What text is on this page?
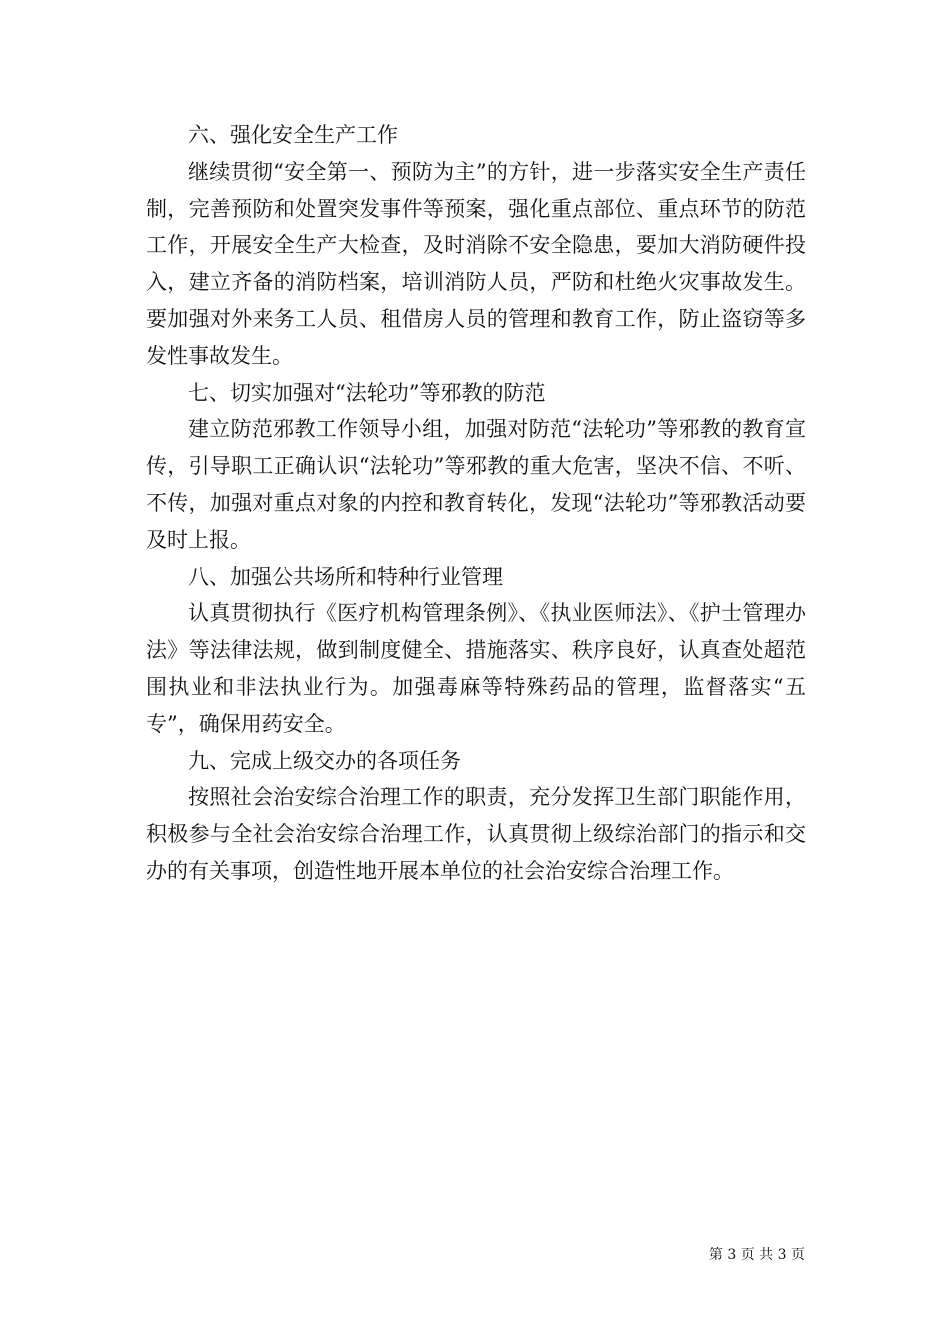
六、强化安全生产工作

继续贯彻“安全第一、预防为主”的方针，进一步落实安全生产责任制，完善预防和处置突发事件等预案，强化重点部位、重点环节的防范工作，开展安全生产大检查，及时消除不安全隐患，要加大消防硬件投入，建立齐备的消防档案，培训消防人员，严防和杜绝火灾事故发生。要加强对外来务工人员、租借房人员的管理和教育工作，防止盗窃等多发性事故发生。

七、切实加强对“法轮功”等邪教的防范

建立防范邪教工作领导小组，加强对防范“法轮功”等邪教的教育宣传，引导职工正确认识“法轮功”等邪教的重大危害，坚决不信、不听、不传，加强对重点对象的内控和教育转化，发现“法轮功”等邪教活动要及时上报。

八、加强公共场所和特种行业管理

认真贯彻执行《医疗机构管理条例》、《执业医师法》、《护士管理办法》等法律法规，做到制度健全、措施落实、秩序良好，认真查处超范围执业和非法执业行为。加强毒麻等特殊药品的管理，监督落实“五专”，确保用药安全。

九、完成上级交办的各项任务

按照社会治安综合治理工作的职责，充分发挥卫生部门职能作用，积极参与全社会治安综合治理工作，认真贯彻上级综治部门的指示和交办的有关事项，创造性地开展本单位的社会治安综合治理工作。

第 3 页 共 3 页
